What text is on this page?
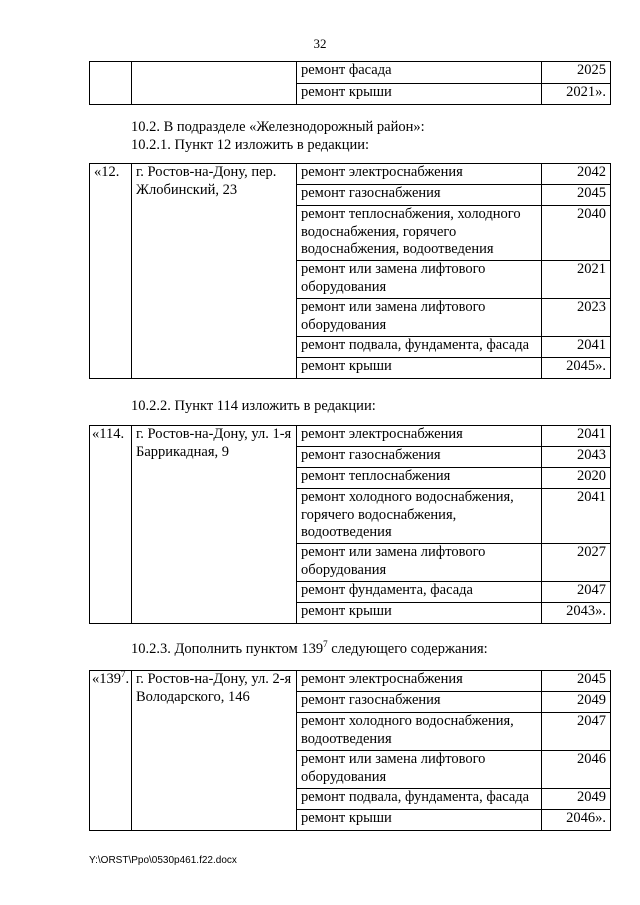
32
		ремонт фасада	2025
		ремонт крыши	2021».
10.2. В подразделе «Железнодорожный район»:
10.2.1. Пункт 12 изложить в редакции:
«12.	г. Ростов-на-Дону, пер. Жлобинский, 23	ремонт электроснабжения	2042
		ремонт газоснабжения	2045
		ремонт теплоснабжения, холодного водоснабжения, горячего водоснабжения, водоотведения	2040
		ремонт или замена лифтового оборудования	2021
		ремонт или замена лифтового оборудования	2023
		ремонт подвала, фундамента, фасада	2041
		ремонт крыши	2045».
10.2.2. Пункт 114 изложить в редакции:
«114.	г. Ростов-на-Дону, ул. 1-я Баррикадная, 9	ремонт электроснабжения	2041
		ремонт газоснабжения	2043
		ремонт теплоснабжения	2020
		ремонт холодного водоснабжения, горячего водоснабжения, водоотведения	2041
		ремонт или замена лифтового оборудования	2027
		ремонт фундамента, фасада	2047
		ремонт крыши	2043».
10.2.3. Дополнить пунктом $139^7$ следующего содержания:
«$139^7$.	г. Ростов-на-Дону, ул. 2-я Володарского, 146	ремонт электроснабжения	2045
		ремонт газоснабжения	2049
		ремонт холодного водоснабжения, водоотведения	2047
		ремонт или замена лифтового оборудования	2046
		ремонт подвала, фундамента, фасада	2049
		ремонт крыши	2046».
Y:\ORST\Ppo\0530p461.f22.docx
